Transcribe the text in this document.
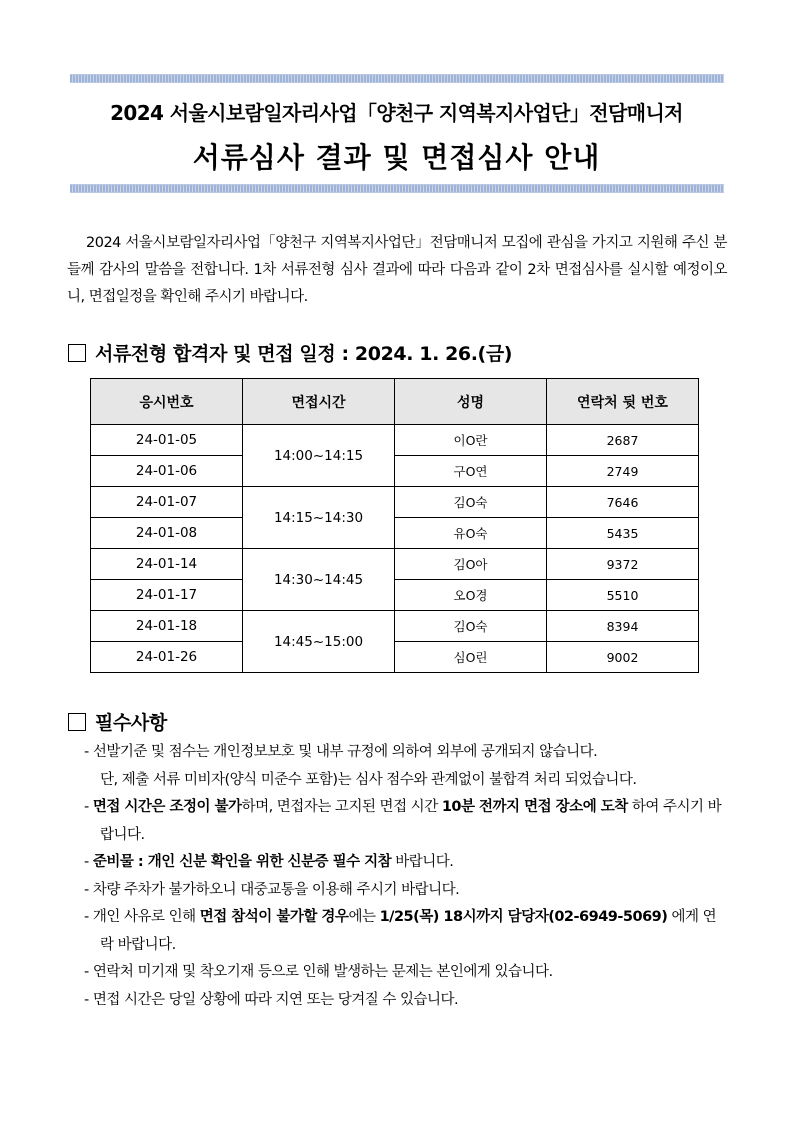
2024 서울시보람일자리사업「양천구 지역복지사업단」전담매니저
서류심사 결과 및 면접심사 안내

2024 서울시보람일자리사업「양천구 지역복지사업단」전담매니저 모집에 관심을 가지고 지원해 주신 분들께 감사의 말씀을 전합니다. 1차 서류전형 심사 결과에 따라 다음과 같이 2차 면접심사를 실시할 예정이오니, 면접일정을 확인해 주시기 바랍니다.

서류전형 합격자 및 면접 일정 : 2024. 1. 26.(금)
응시번호	면접시간	성명	연락처 뒷 번호
24-01-05	14:00~14:15	이O란	2687
24-01-06		구O연	2749
24-01-07	14:15~14:30	김O숙	7646
24-01-08		유O숙	5435
24-01-14	14:30~14:45	김O아	9372
24-01-17		오O경	5510
24-01-18	14:45~15:00	김O숙	8394
24-01-26		심O린	9002
필수사항
- 선발기준 및 점수는 개인정보보호 및 내부 규정에 의하여 외부에 공개되지 않습니다.
단, 제출 서류 미비자(양식 미준수 포함)는 심사 점수와 관계없이 불합격 처리 되었습니다.
- 면접 시간은 조정이 불가하며, 면접자는 고지된 면접 시간 10분 전까지 면접 장소에 도착 하여 주시기 바랍니다.
- 준비물 : 개인 신분 확인을 위한 신분증 필수 지참 바랍니다.
- 차량 주차가 불가하오니 대중교통을 이용해 주시기 바랍니다.
- 개인 사유로 인해 면접 참석이 불가할 경우에는 1/25(목) 18시까지 담당자(02-6949-5069) 에게 연락 바랍니다.
- 연락처 미기재 및 착오기재 등으로 인해 발생하는 문제는 본인에게 있습니다.
- 면접 시간은 당일 상황에 따라 지연 또는 당겨질 수 있습니다.
